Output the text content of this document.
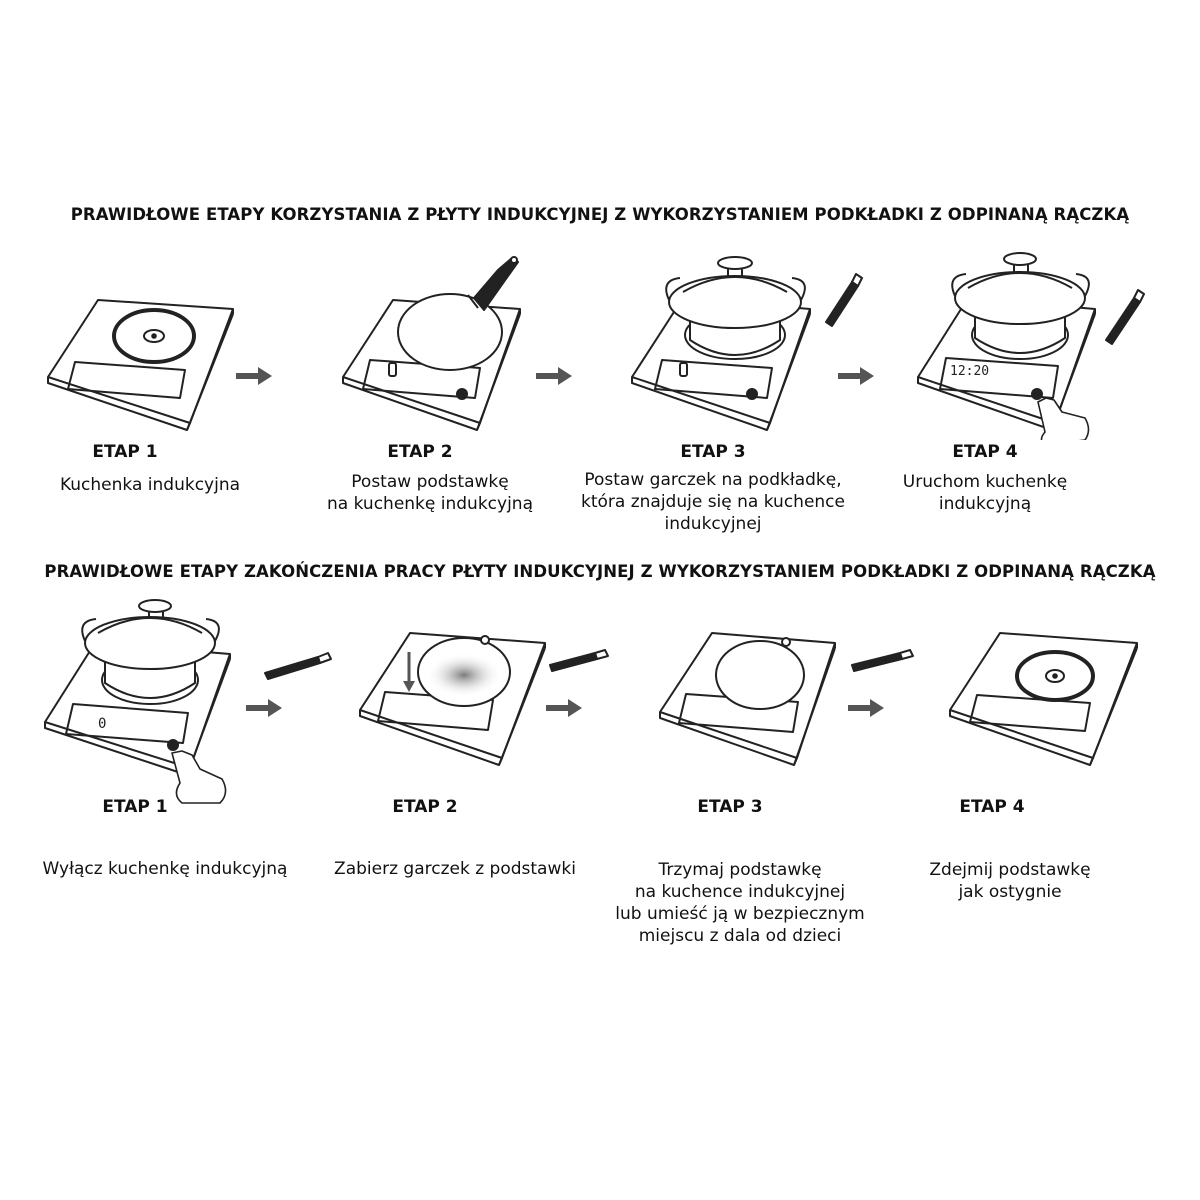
PRAWIDŁOWE ETAPY KORZYSTANIA Z PŁYTY INDUKCYJNEJ Z WYKORZYSTANIEM PODKŁADKI Z ODPINANĄ RĄCZKĄ
12:20
ETAP 1
Kuchenka indukcyjna
ETAP 2
Postaw podstawkę
na kuchenkę indukcyjną
ETAP 3
Postaw garczek na podkładkę,
która znajduje się na kuchence
indukcyjnej
ETAP 4
Uruchom kuchenkę
indukcyjną
PRAWIDŁOWE ETAPY ZAKOŃCZENIA PRACY PŁYTY INDUKCYJNEJ Z WYKORZYSTANIEM PODKŁADKI Z ODPINANĄ RĄCZKĄ
0
ETAP 1
Wyłącz kuchenkę indukcyjną
ETAP 2
Zabierz garczek z podstawki
ETAP 3
Trzymaj podstawkę
na kuchence indukcyjnej
lub umieść ją w bezpiecznym
miejscu z dala od dzieci
ETAP 4
Zdejmij podstawkę
jak ostygnie
